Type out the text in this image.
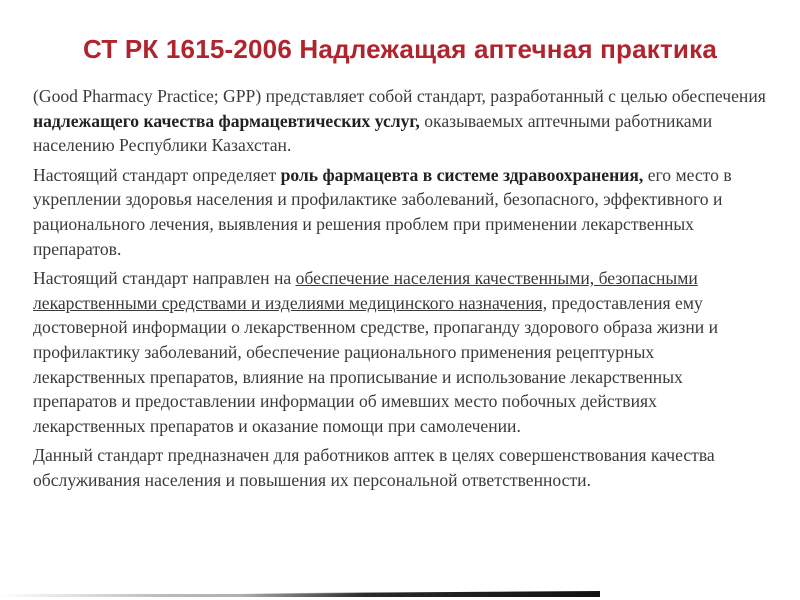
СТ РК 1615-2006 Надлежащая аптечная практика

(Good Pharmacy Practice; GPP) представляет собой стандарт, разработанный с целью обеспечения надлежащего качества фармацевтических услуг, оказываемых аптечными работниками населению Республики Казахстан.

Настоящий стандарт определяет роль фармацевта в системе здравоохранения, его место в укреплении здоровья населения и профилактике заболеваний, безопасного, эффективного и рационального лечения, выявления и решения проблем при применении лекарственных препаратов.

Настоящий стандарт направлен на обеспечение населения качественными, безопасными лекарственными средствами и изделиями медицинского назначения, предоставления ему достоверной информации о лекарственном средстве, пропаганду здорового образа жизни и профилактику заболеваний, обеспечение рационального применения рецептурных лекарственных препаратов, влияние на прописывание и использование лекарственных препаратов и предоставлении информации об имевших место побочных действиях лекарственных препаратов и оказание помощи при самолечении.

Данный стандарт предназначен для работников аптек в целях совершенствования качества обслуживания населения и повышения их персональной ответственности.
